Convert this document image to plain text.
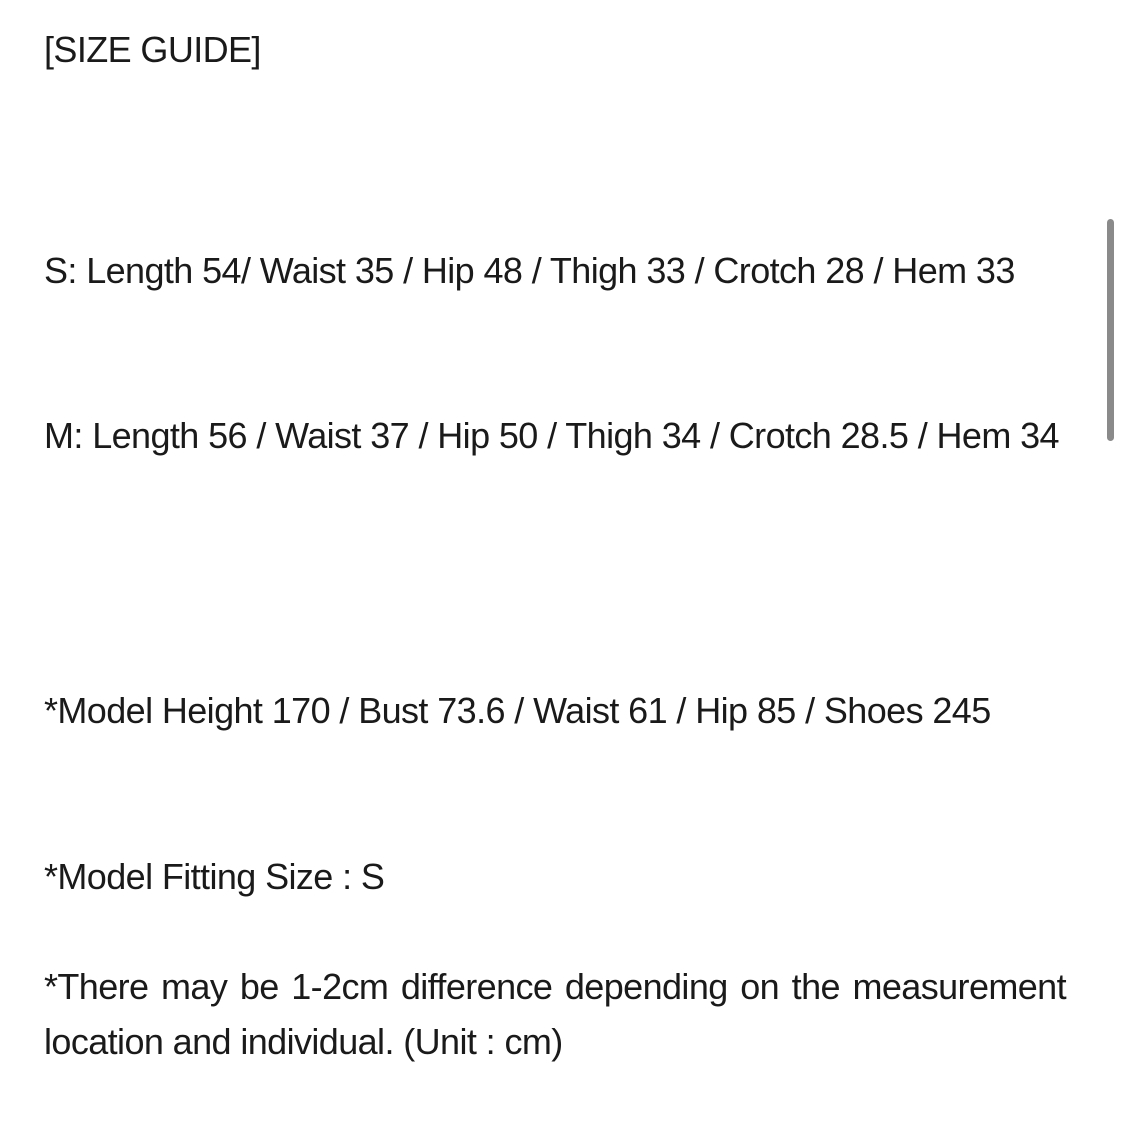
[SIZE GUIDE]

S: Length 54/ Waist 35 / Hip 48 / Thigh 33 / Crotch 28 / Hem 33

M: Length 56 / Waist 37 / Hip 50 / Thigh 34 / Crotch 28.5 / Hem 34

*Model Height 170 / Bust 73.6 / Waist 61 / Hip 85 / Shoes 245

*Model Fitting Size : S

*There may be 1-2cm difference depending on the measurement location and individual. (Unit : cm)
